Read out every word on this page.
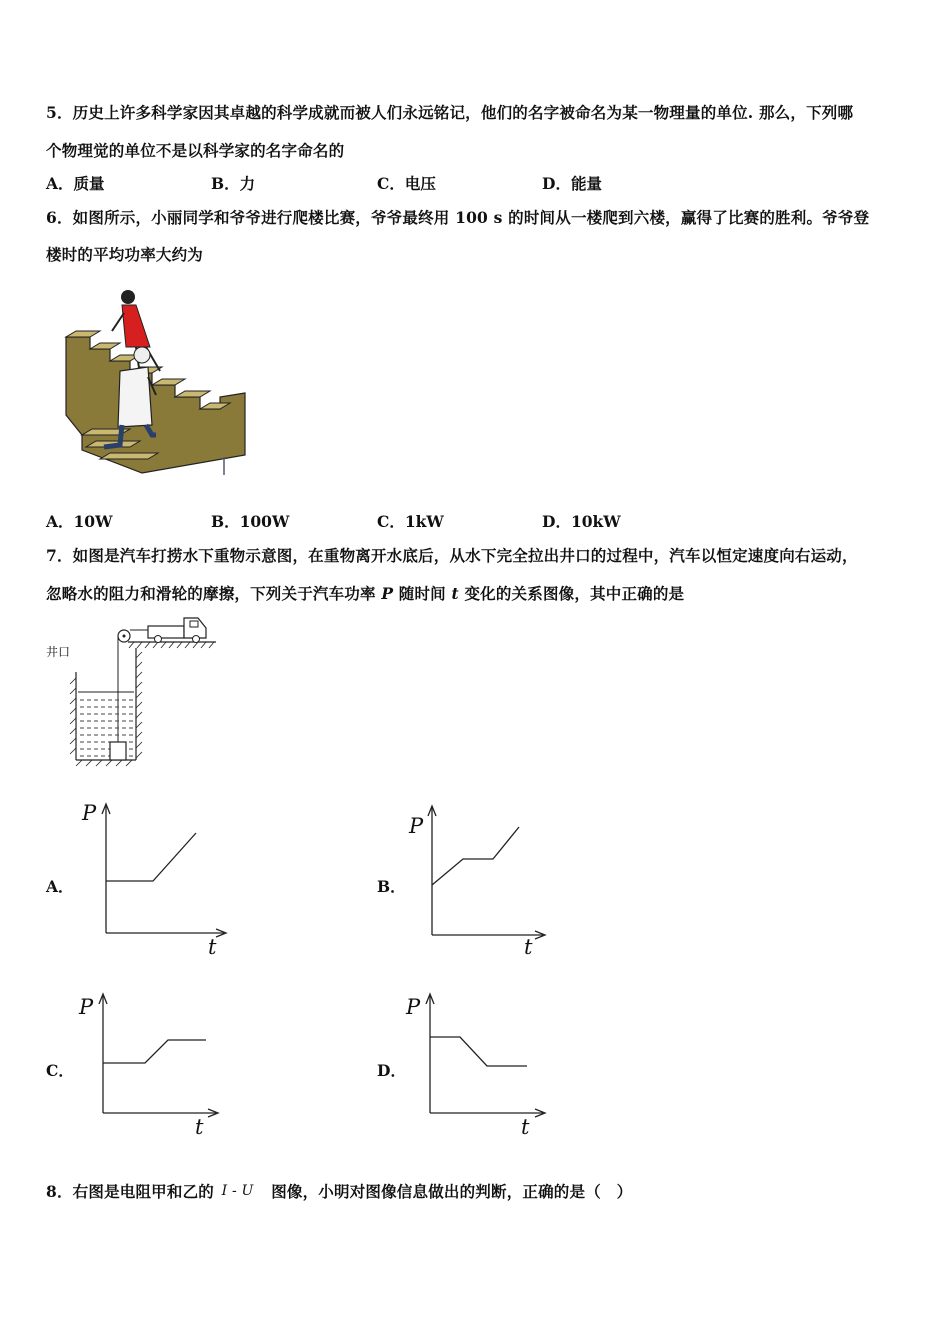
5．历史上许多科学家因其卓越的科学成就而被人们永远铭记，他们的名字被命名为某一物理量的单位. 那么，下列哪
个物理觉的单位不是以科学家的名字命名的
A．质量	B．力	C．电压	D．能量
6．如图所示，小丽同学和爷爷进行爬楼比赛，爷爷最终用 100 s 的时间从一楼爬到六楼，赢得了比赛的胜利。爷爷登
楼时的平均功率大约为
A．10W	B．100W	C．1kW	D．10kW
7．如图是汽车打捞水下重物示意图，在重物离开水底后，从水下完全拉出井口的过程中，汽车以恒定速度向右运动，
忽略水的阻力和滑轮的摩擦，下列关于汽车功率 P 随时间 t 变化的关系图像，其中正确的是
井口
A．
P
t
B．
P
t
C．
P
t
D．
P
t
8．右图是电阻甲和乙的 I - U 图像，小明对图像信息做出的判断，正确的是（　）
